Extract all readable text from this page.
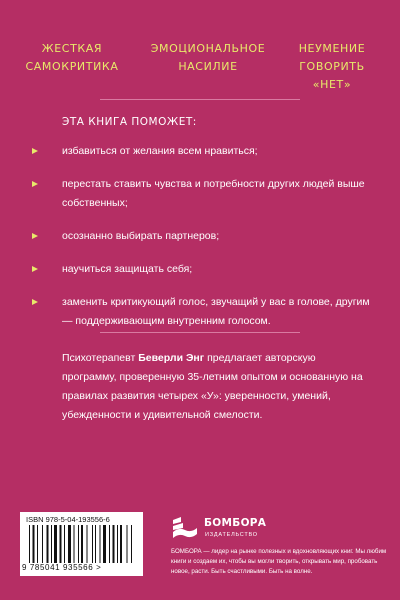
ЖЕСТКАЯ
САМОКРИТИКА
ЭМОЦИОНАЛЬНОЕ
НАСИЛИЕ
НЕУМЕНИЕ
ГОВОРИТЬ «НЕТ»
ЭТА КНИГА ПОМОЖЕТ:
избавиться от желания всем нравиться;
перестать ставить чувства и потребности других людей выше собственных;
осознанно выбирать партнеров;
научиться защищать себя;
заменить критикующий голос, звучащий у вас в голове, другим — поддерживающим внутренним голосом.
Психотерапевт Беверли Энг предлагает авторскую программу, проверенную 35-летним опытом и основанную на правилах развития четырех «У»: уверенности, умений, убежденности и удивительной смелости.
ISBN 978-5-04-193556-6
9 785041 935566 >
БОМБОРА
ИЗДАТЕЛЬСТВО
БОМБОРА — лидер на рынке полезных и вдохновляющих книг. Мы любим книги и создаем их, чтобы вы могли творить, открывать мир, пробовать новое, расти. Быть счастливыми. Быть на волне.
